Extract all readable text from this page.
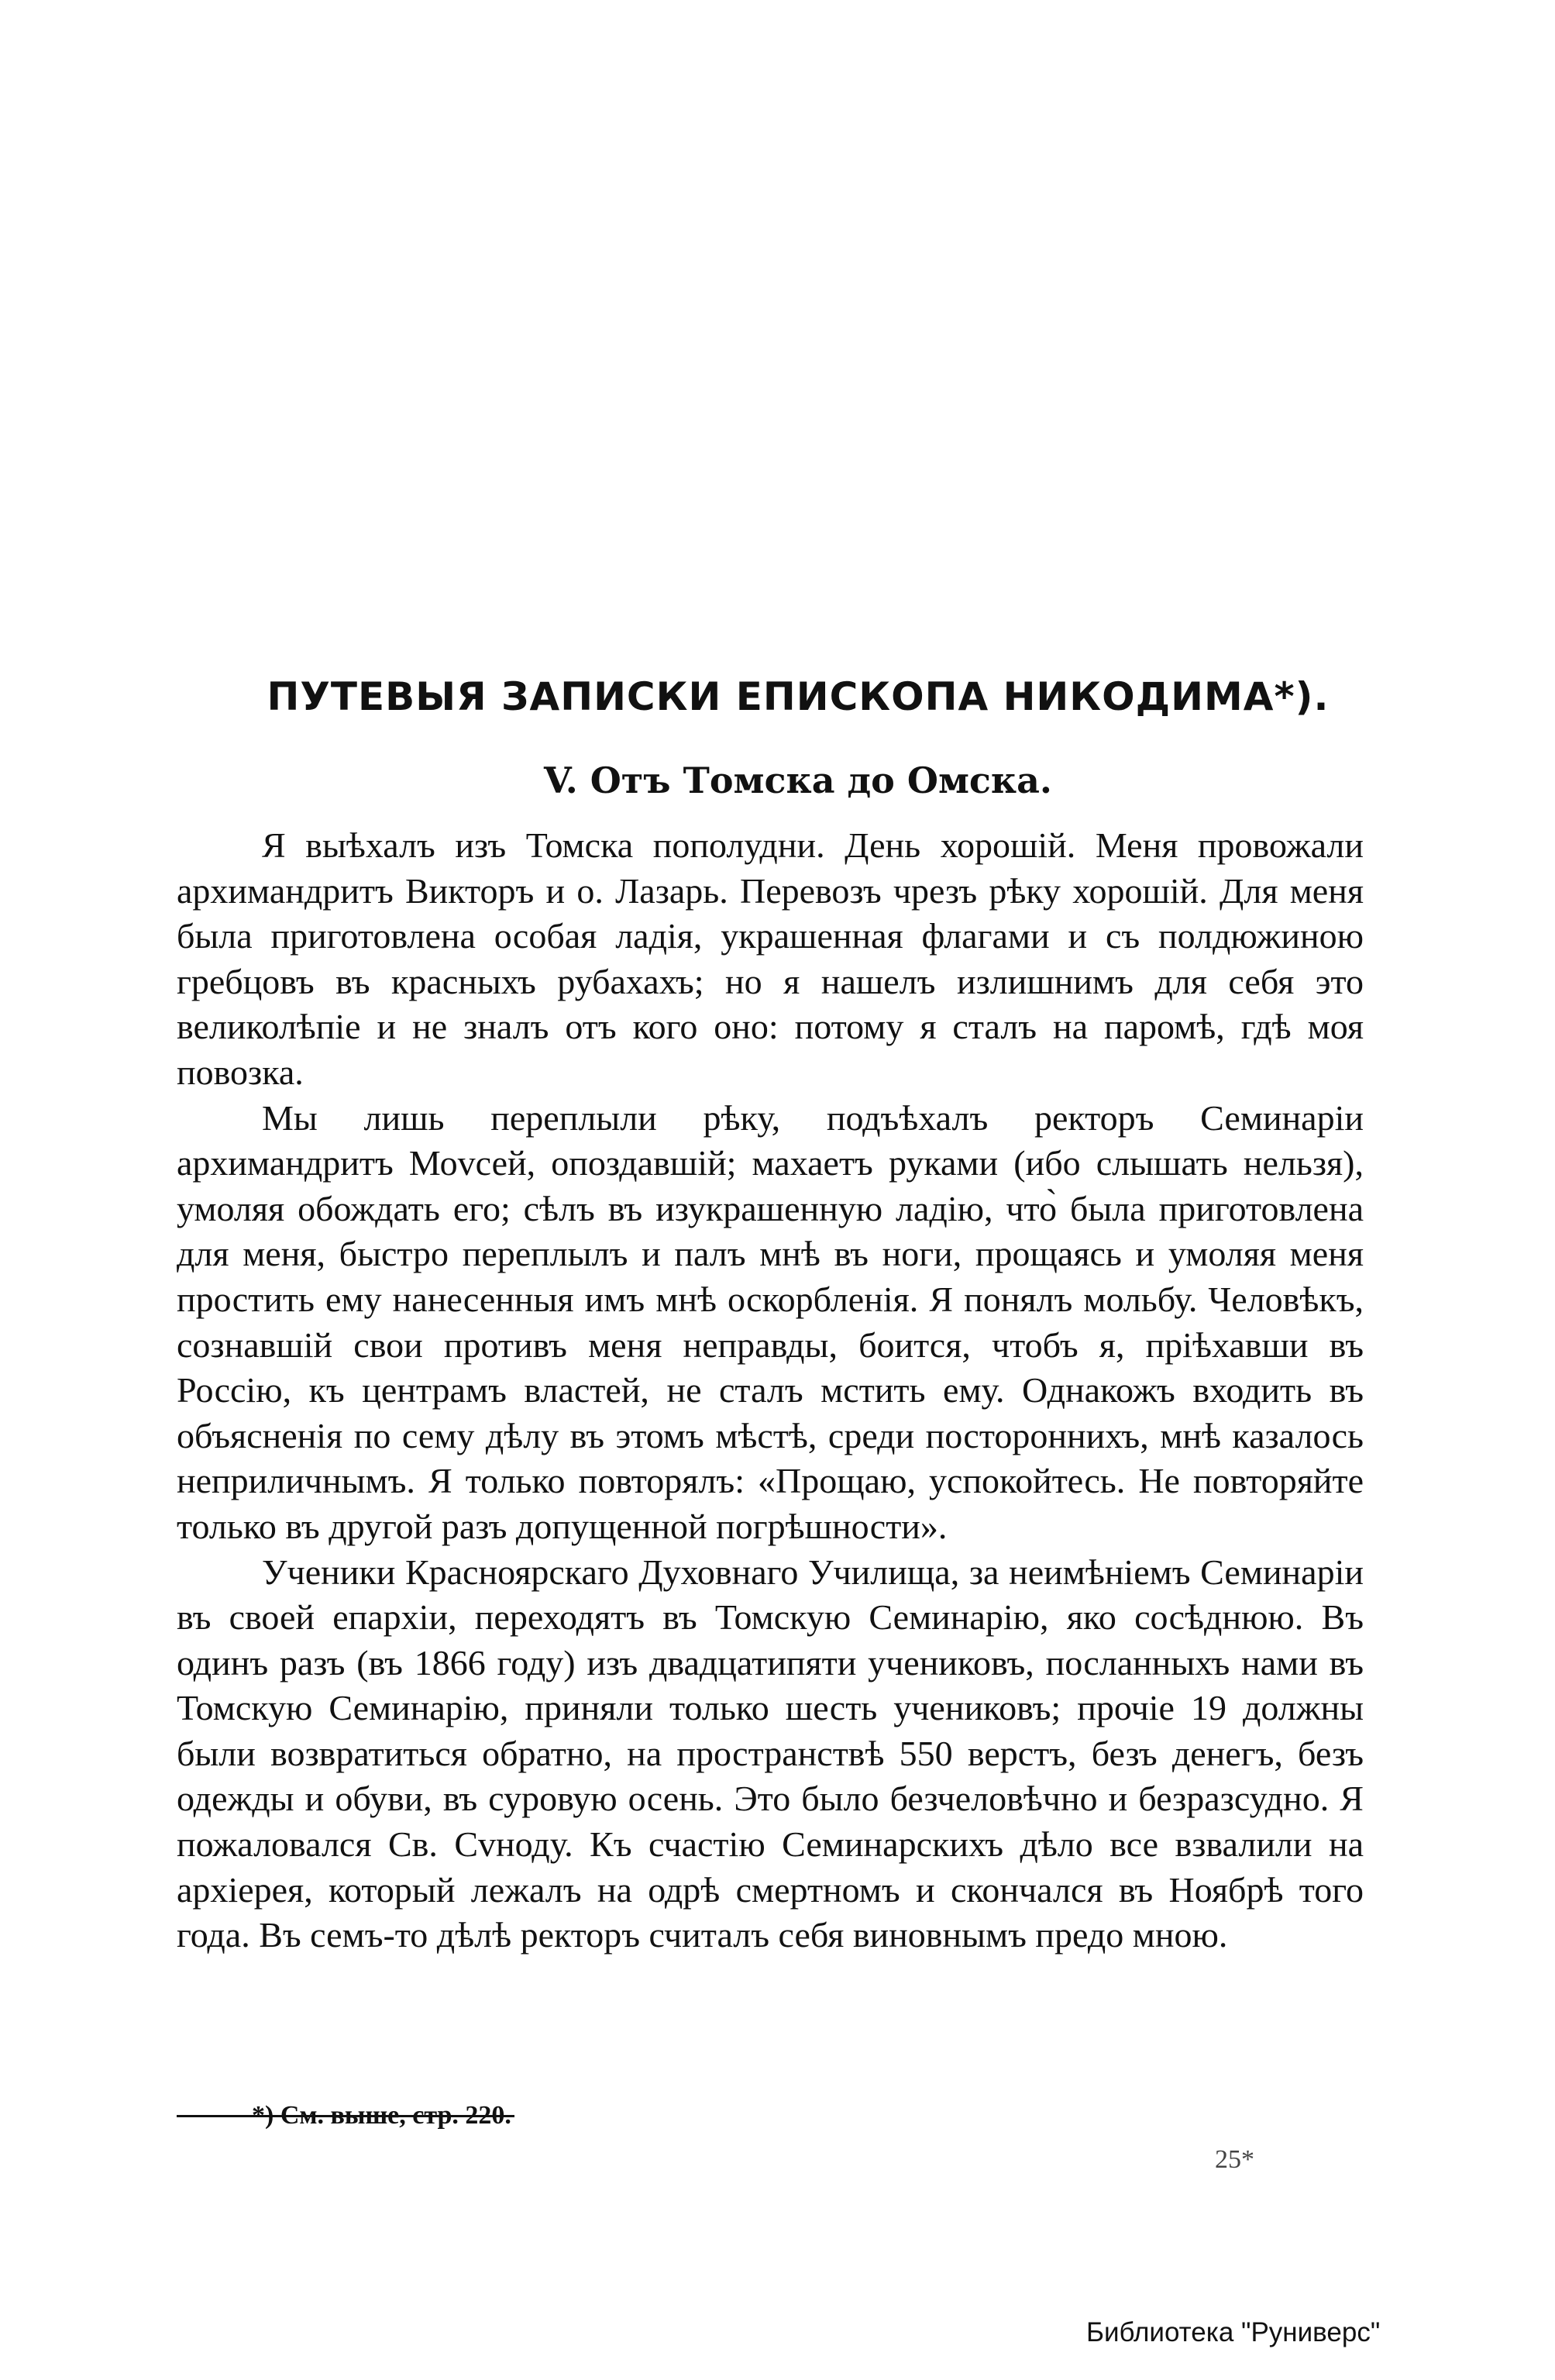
ПУТЕВЫЯ ЗАПИСКИ ЕПИСКОПА НИКОДИМА*).
V. Отъ Томска до Омска.

Я выѣхалъ изъ Томска пополудни. День хорошій. Меня провожали архимандритъ Викторъ и о. Лазарь. Перевозъ чрезъ рѣку хорошій. Для меня была приготовлена особая ладія, украшенная флагами и съ полдюжиною гребцовъ въ красныхъ рубахахъ; но я нашелъ излишнимъ для себя это великолѣпіе и не зналъ отъ кого оно: потому я сталъ на паромѣ, гдѣ моя повозка.

Мы лишь переплыли рѣку, подъѣхалъ ректоръ Семинаріи архимандритъ Моvсей, опоздавшій; махаетъ руками (ибо слышать нельзя), умоляя обождать его; сѣлъ въ изукрашенную ладію, что̀ была приготовлена для меня, быстро переплылъ и палъ мнѣ въ ноги, прощаясь и умоляя меня простить ему нанесенныя имъ мнѣ оскорбленія. Я понялъ мольбу. Человѣкъ, сознавшій свои противъ меня неправды, боится, чтобъ я, пріѣхавши въ Россію, къ центрамъ властей, не сталъ мстить ему. Однакожъ входить въ объясненія по сему дѣлу въ этомъ мѣстѣ, среди постороннихъ, мнѣ казалось неприличнымъ. Я только повторялъ: «Прощаю, успокойтесь. Не повторяйте только въ другой разъ допущенной погрѣшности».

Ученики Красноярскаго Духовнаго Училища, за неимѣніемъ Семинаріи въ своей епархіи, переходятъ въ Томскую Семинарію, яко сосѣднюю. Въ одинъ разъ (въ 1866 году) изъ двадцатипяти учениковъ, посланныхъ нами въ Томскую Семинарію, приняли только шесть учениковъ; прочіе 19 должны были возвратиться обратно, на пространствѣ 550 верстъ, безъ денегъ, безъ одежды и обуви, въ суровую осень. Это было безчеловѣчно и безразсудно. Я пожаловался Св. Сvноду. Къ счастію Семинарскихъ дѣло все взвалили на архіерея, который лежалъ на одрѣ смертномъ и скончался въ Ноябрѣ того года. Въ семъ-то дѣлѣ ректоръ считалъ себя виновнымъ предо мною.

*) См. выше, стр. 220.
25*
Библиотека "Руниверс"
